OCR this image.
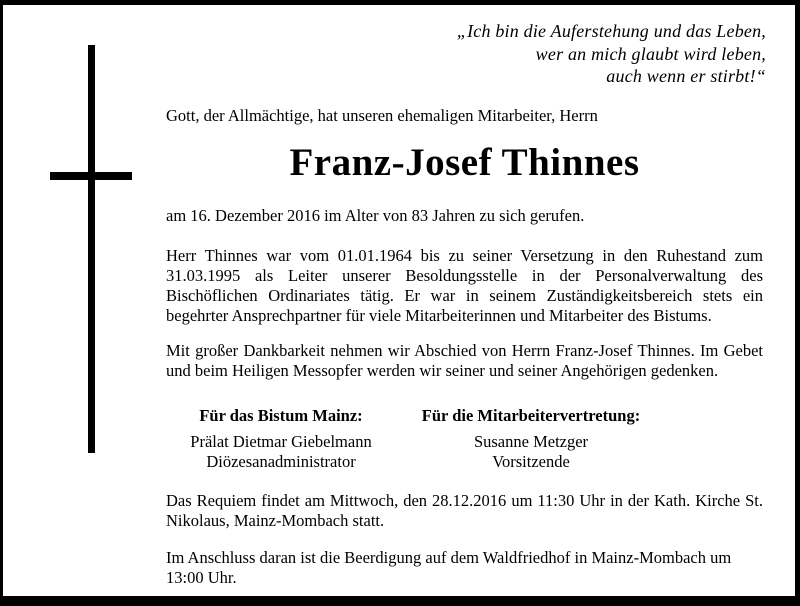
„Ich bin die Auferstehung und das Leben,
wer an mich glaubt wird leben,
auch wenn er stirbt!“
Gott, der Allmächtige, hat unseren ehemaligen Mitarbeiter, Herrn
Franz-Josef Thinnes
am 16. Dezember 2016 im Alter von 83 Jahren zu sich gerufen.
Herr Thinnes war vom 01.01.1964 bis zu seiner Versetzung in den Ruhestand zum 31.03.1995 als Leiter unserer Besoldungsstelle in der Personalverwaltung des Bischöflichen Ordinariates tätig. Er war in seinem Zuständigkeitsbereich stets ein begehrter Ansprechpartner für viele Mitarbeiterinnen und Mitarbeiter des Bistums.
Mit großer Dankbarkeit nehmen wir Abschied von Herrn Franz-Josef Thinnes. Im Gebet und beim Heiligen Messopfer werden wir seiner und seiner Angehörigen gedenken.
Für das Bistum Mainz:
Prälat Dietmar Giebelmann
Diözesanadministrator
Für die Mitarbeitervertretung:
Susanne Metzger
Vorsitzende
Das Requiem findet am Mittwoch, den 28.12.2016 um 11:30 Uhr in der Kath. Kirche St. Nikolaus, Mainz-Mombach statt.
Im Anschluss daran ist die Beerdigung auf dem Waldfriedhof in Mainz-Mombach um 13:00 Uhr.
